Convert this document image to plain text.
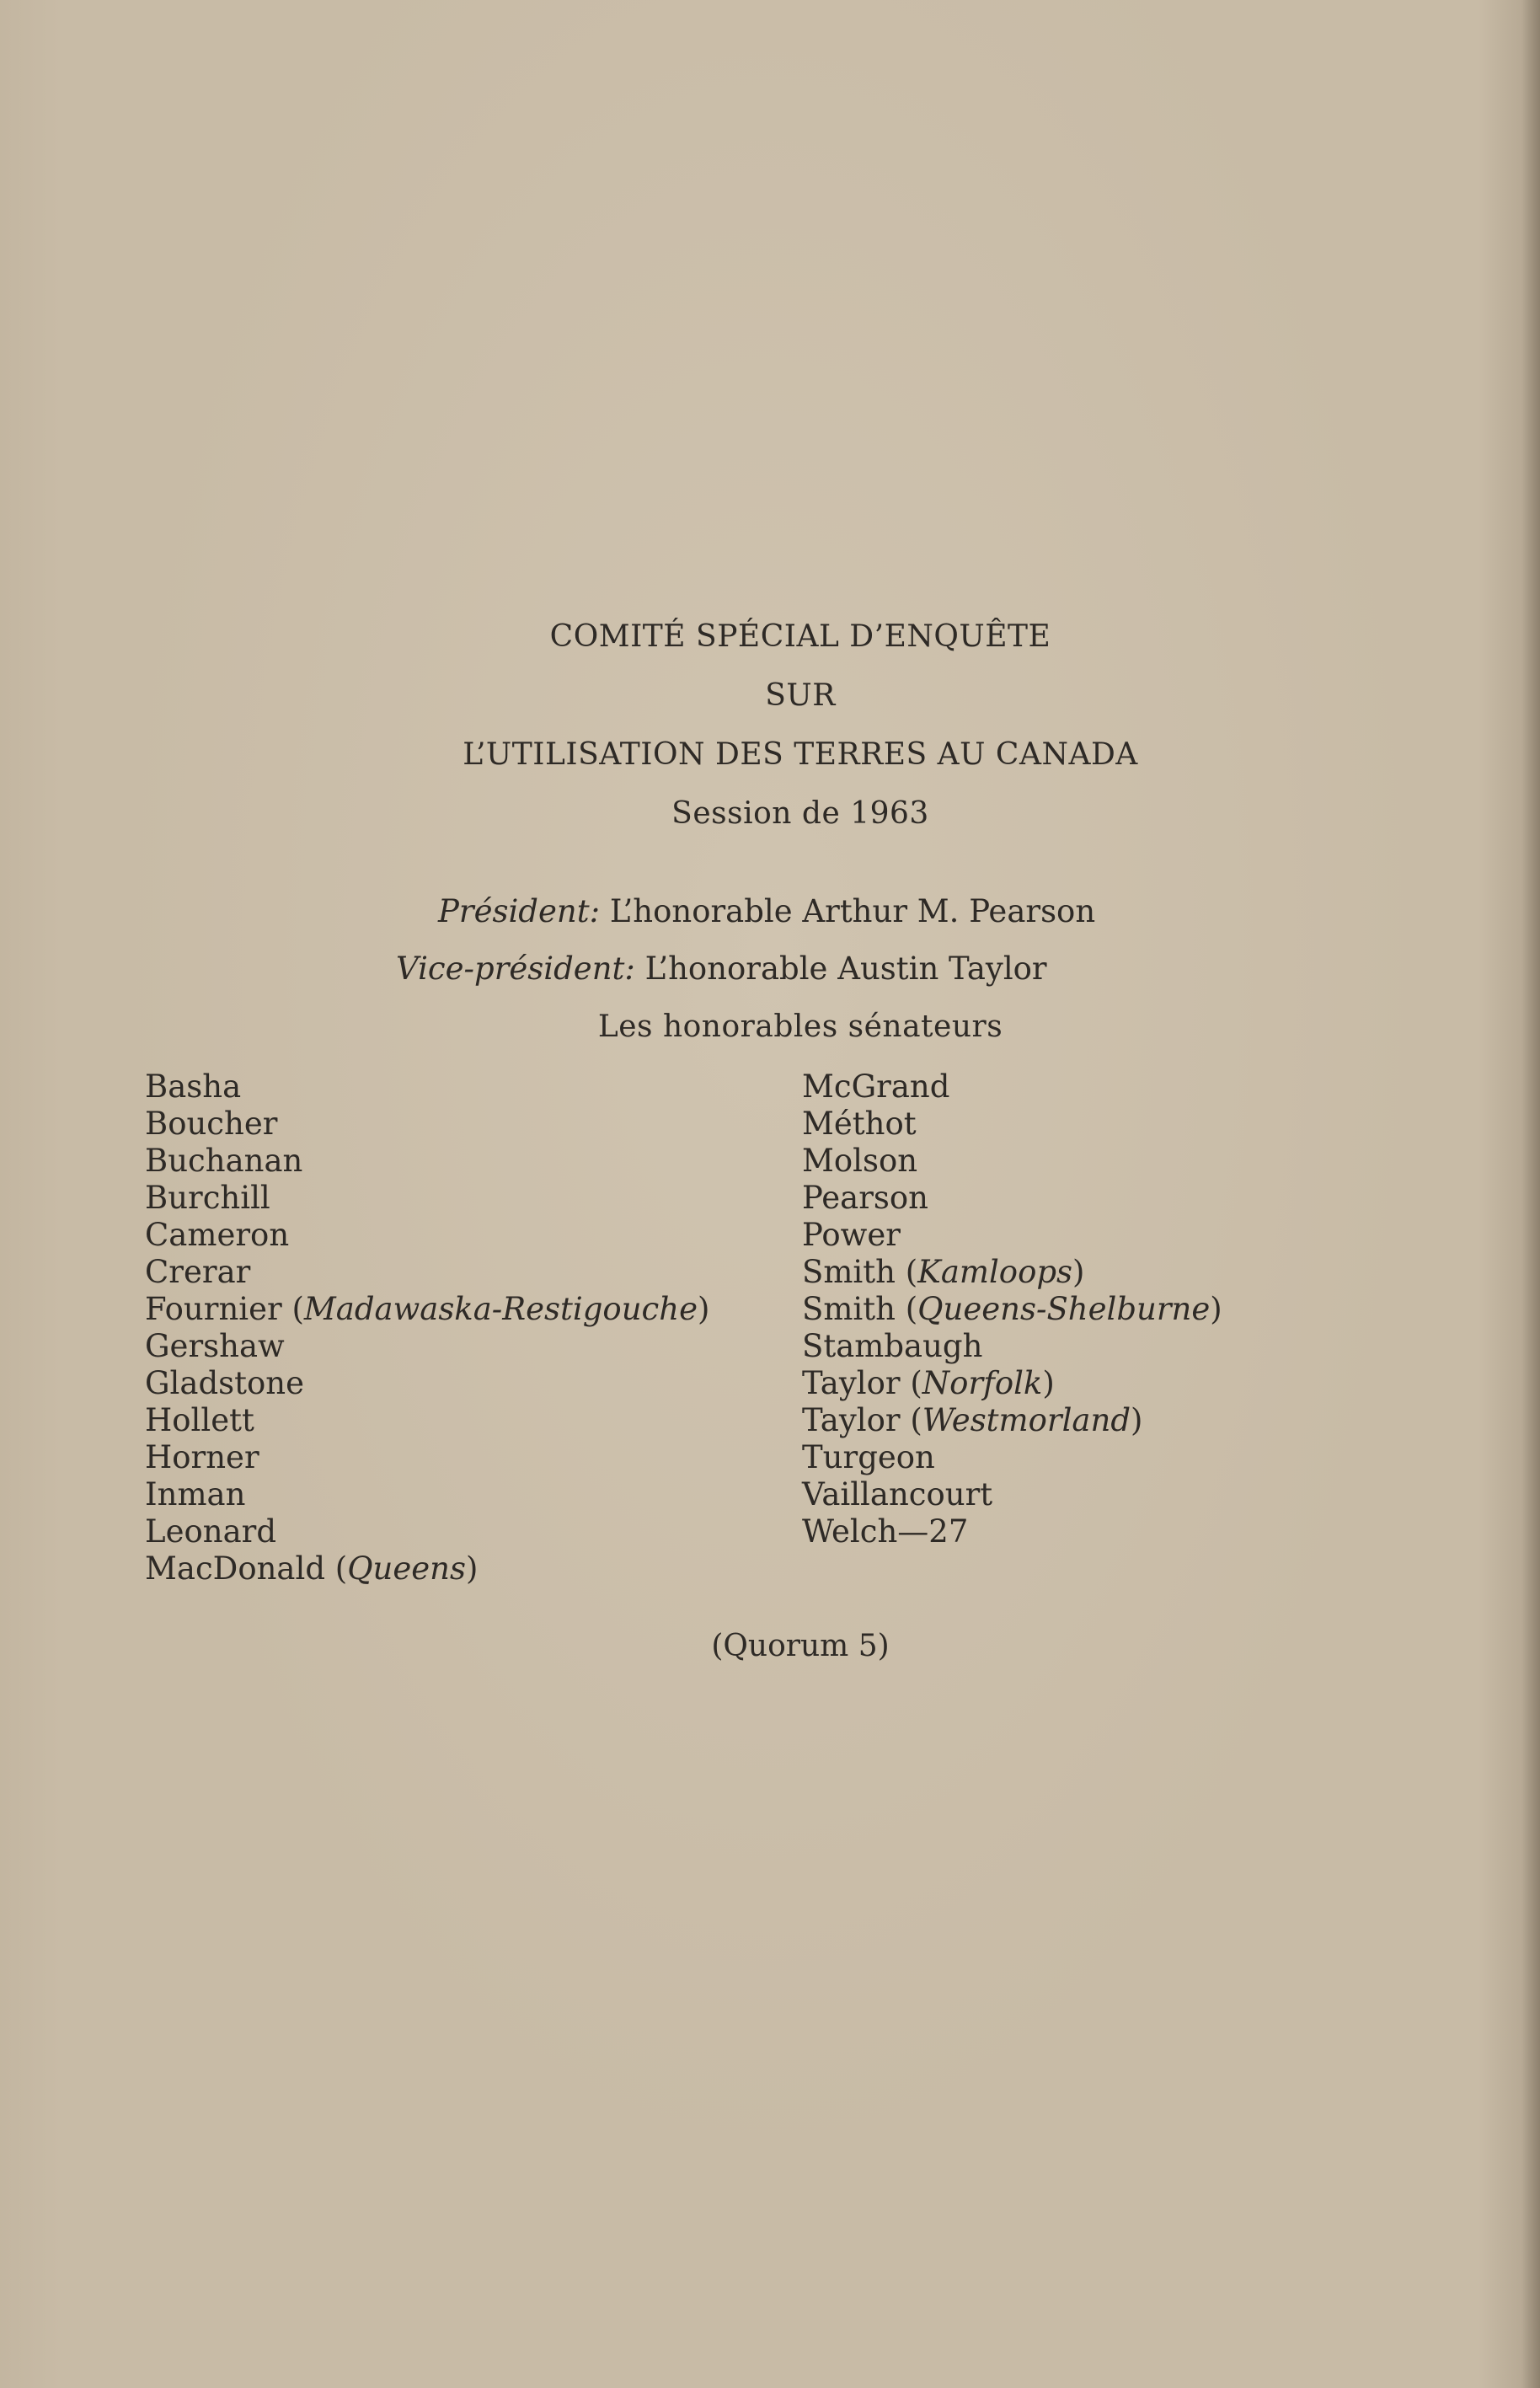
COMITÉ SPÉCIAL D’ENQUÊTE
SUR
L’UTILISATION DES TERRES AU CANADA
Session de 1963
Président: L’honorable Arthur M. Pearson
Vice-président: L’honorable Austin Taylor
Les honorables sénateurs
Basha
Boucher
Buchanan
Burchill
Cameron
Crerar
Fournier (Madawaska-Restigouche)
Gershaw
Gladstone
Hollett
Horner
Inman
Leonard
MacDonald (Queens)
McGrand
Méthot
Molson
Pearson
Power
Smith (Kamloops)
Smith (Queens-Shelburne)
Stambaugh
Taylor (Norfolk)
Taylor (Westmorland)
Turgeon
Vaillancourt
Welch—27
(Quorum 5)
